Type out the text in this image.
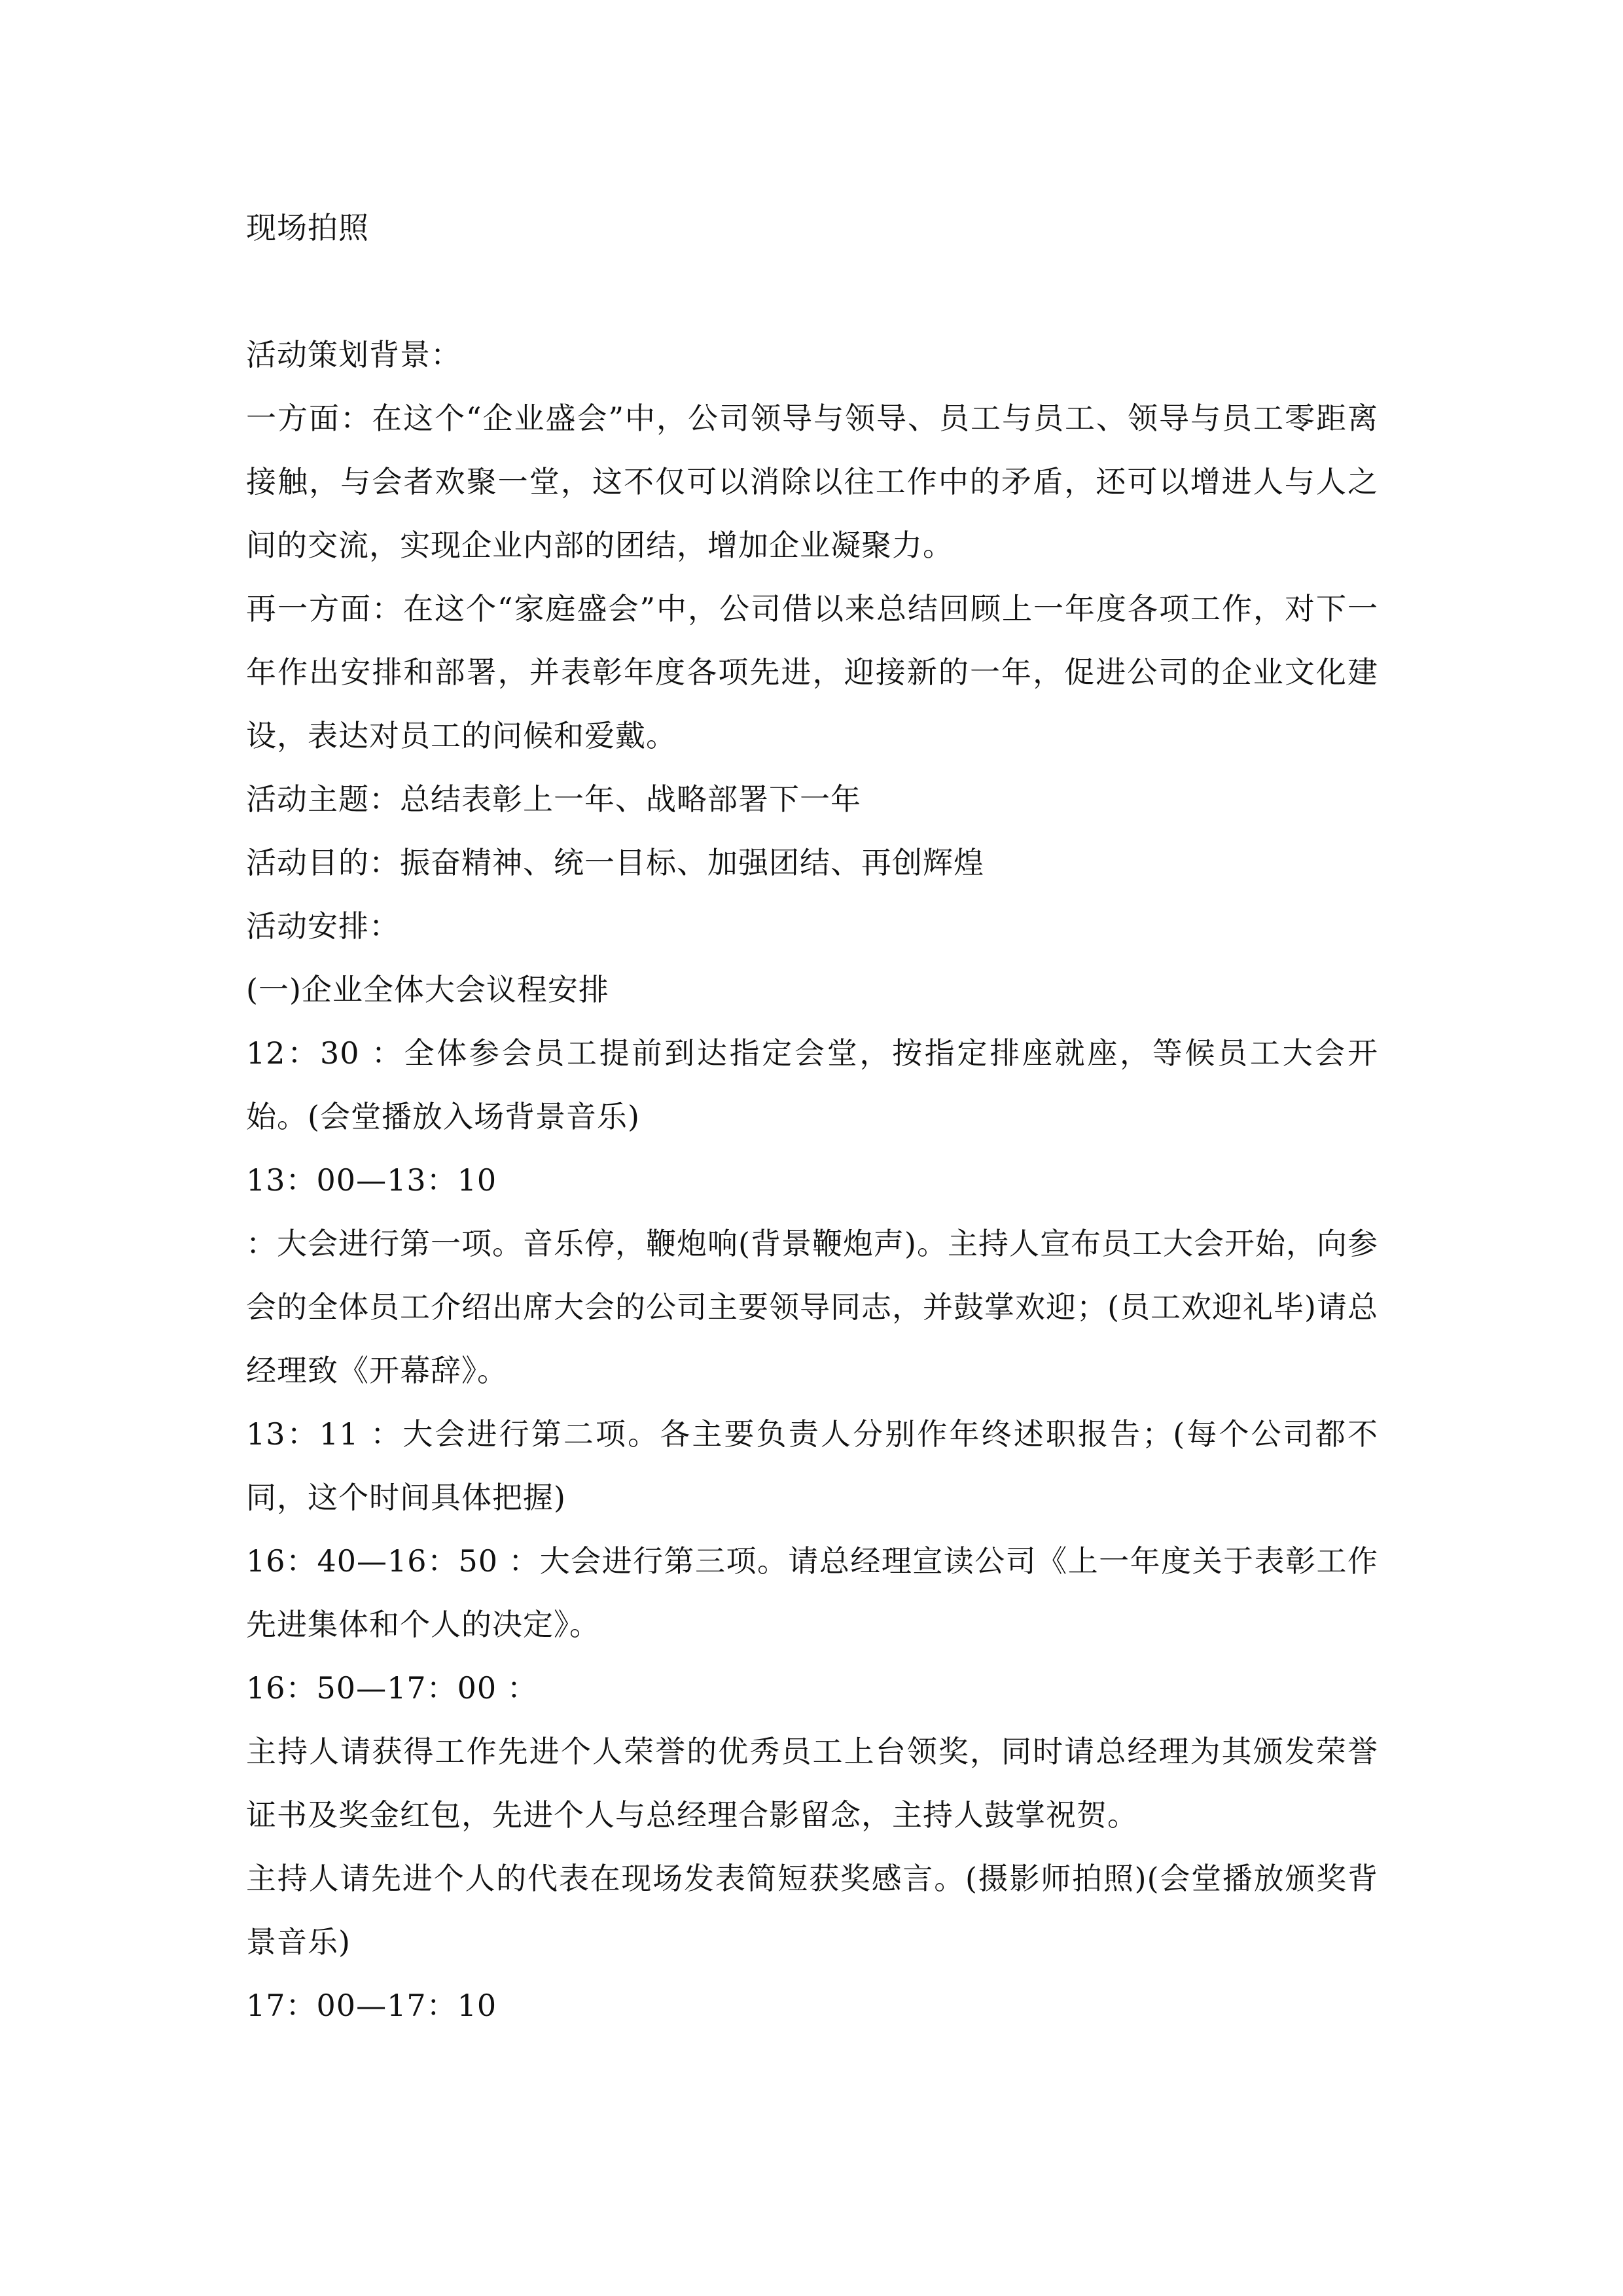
现场拍照

活动策划背景：

一方面：在这个“企业盛会”中，公司领导与领导、员工与员工、领导与员工零距离接触，与会者欢聚一堂，这不仅可以消除以往工作中的矛盾，还可以增进人与人之间的交流，实现企业内部的团结，增加企业凝聚力。

再一方面：在这个“家庭盛会”中，公司借以来总结回顾上一年度各项工作，对下一年作出安排和部署，并表彰年度各项先进，迎接新的一年，促进公司的企业文化建设，表达对员工的问候和爱戴。

活动主题：总结表彰上一年、战略部署下一年

活动目的：振奋精神、统一目标、加强团结、再创辉煌

活动安排：

(一)企业全体大会议程安排

12：30 ：全体参会员工提前到达指定会堂，按指定排座就座，等候员工大会开始。(会堂播放入场背景音乐)

13：00—13：10

：大会进行第一项。音乐停，鞭炮响(背景鞭炮声)。主持人宣布员工大会开始，向参会的全体员工介绍出席大会的公司主要领导同志，并鼓掌欢迎；(员工欢迎礼毕)请总经理致《开幕辞》。

13：11 ：大会进行第二项。各主要负责人分别作年终述职报告；(每个公司都不同，这个时间具体把握)

16：40—16：50 ：大会进行第三项。请总经理宣读公司《上一年度关于表彰工作先进集体和个人的决定》。

16：50—17：00 ：

主持人请获得工作先进个人荣誉的优秀员工上台领奖，同时请总经理为其颁发荣誉证书及奖金红包，先进个人与总经理合影留念，主持人鼓掌祝贺。

主持人请先进个人的代表在现场发表简短获奖感言。(摄影师拍照)(会堂播放颁奖背景音乐)

17：00—17：10
